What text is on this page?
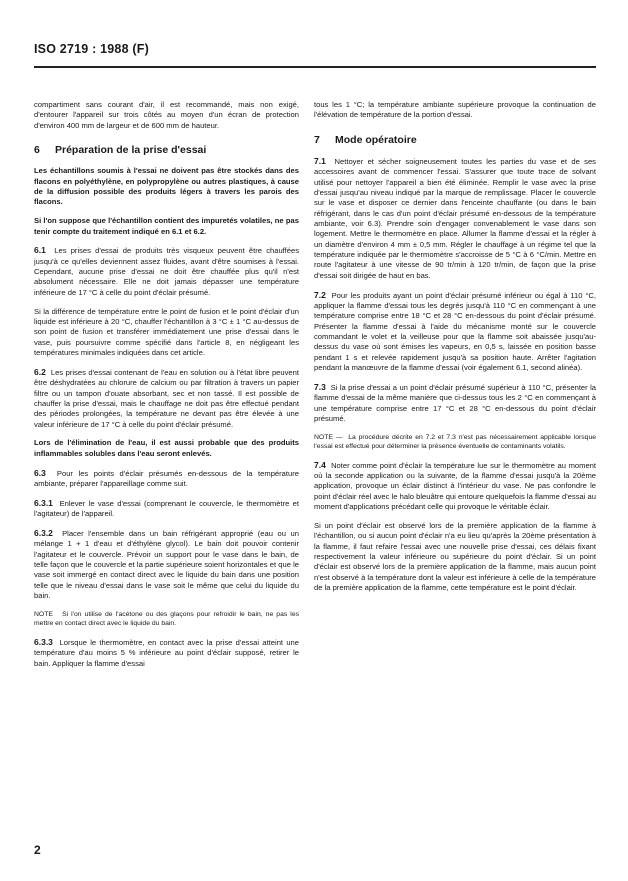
ISO 2719 : 1988 (F)

compartiment sans courant d'air, il est recommandé, mais non exigé, d'entourer l'appareil sur trois côtés au moyen d'un écran de protection d'environ 400 mm de largeur et de 600 mm de hauteur.

6 Préparation de la prise d'essai

Les échantillons soumis à l'essai ne doivent pas être stockés dans des flacons en polyéthylène, en polypropylène ou autres plastiques, à cause de la diffusion possible des produits légers à travers les parois des flacons.

Si l'on suppose que l'échantillon contient des impuretés volatiles, ne pas tenir compte du traitement indiqué en 6.1 et 6.2.

6.1 Les prises d'essai de produits très visqueux peuvent être chauffées jusqu'à ce qu'elles deviennent assez fluides, avant d'être soumises à l'essai. Cependant, aucune prise d'essai ne doit être chauffée plus qu'il n'est absolument nécessaire. Elle ne doit jamais dépasser une température inférieure de 17 °C à celle du point d'éclair présumé.

Si la différence de température entre le point de fusion et le point d'éclair d'un liquide est inférieure à 20 °C, chauffer l'échantillon à 3 °C ± 1 °C au-dessus de son point de fusion et transférer immédiatement une prise d'essai dans le vase, puis poursuivre comme spécifié dans l'article 8, en négligeant les températures minimales indiquées dans cet article.

6.2 Les prises d'essai contenant de l'eau en solution ou à l'état libre peuvent être déshydratées au chlorure de calcium ou par filtration à travers un papier filtre ou un tampon d'ouate absorbant, sec et non tassé. Il est possible de chauffer la prise d'essai, mais le chauffage ne doit pas être effectué pendant des périodes prolongées, la température ne devant pas être élevée à une valeur inférieure de 17 °C à celle du point d'éclair présumé.

Lors de l'élimination de l'eau, il est aussi probable que des produits inflammables solubles dans l'eau seront enlevés.

6.3 Pour les points d'éclair présumés en-dessous de la température ambiante, préparer l'appareillage comme suit.

6.3.1 Enlever le vase d'essai (comprenant le couvercle, le thermomètre et l'agitateur) de l'appareil.

6.3.2 Placer l'ensemble dans un bain réfrigérant approprié (eau ou un mélange 1 + 1 d'eau et d'éthylène glycol). Le bain doit pouvoir contenir l'agitateur et le couvercle. Prévoir un support pour le vase dans le bain, de telle façon que le couvercle et la partie supérieure soient horizontales et que le vase soit immergé en contact direct avec le liquide du bain dans une position telle que le niveau d'essai dans le vase soit le même que celui du liquide du bain.

NOTE Si l'on utilise de l'acétone ou des glaçons pour refroidir le bain, ne pas les mettre en contact direct avec le liquide du bain.

6.3.3 Lorsque le thermomètre, en contact avec la prise d'essai atteint une température d'au moins 5 % inférieure au point d'éclair supposé, retirer le bain. Appliquer la flamme d'essai

tous les 1 °C; la température ambiante supérieure provoque la continuation de l'élévation de température de la portion d'essai.

7 Mode opératoire

7.1 Nettoyer et sécher soigneusement toutes les parties du vase et de ses accessoires avant de commencer l'essai. S'assurer que toute trace de solvant utilisé pour nettoyer l'appareil a bien été éliminée. Remplir le vase avec la prise d'essai jusqu'au niveau indiqué par la marque de remplissage. Placer le couvercle sur le vase et disposer ce dernier dans l'enceinte chauffante (ou dans le bain réfrigérant, dans le cas d'un point d'éclair présumé en-dessous de la température ambiante, voir 6.3). Prendre soin d'engager convenablement le vase dans son logement. Mettre le thermomètre en place. Allumer la flamme d'essai et la régler à un diamètre d'environ 4 mm ± 0,5 mm. Régler le chauffage à un régime tel que la température indiquée par le thermomètre s'accroisse de 5 °C à 6 °C/min. Mettre en route l'agitateur à une vitesse de 90 tr/min à 120 tr/min, de façon que la prise d'essai soit dirigée de haut en bas.

7.2 Pour les produits ayant un point d'éclair présumé inférieur ou égal à 110 °C, appliquer la flamme d'essai tous les degrés jusqu'à 110 °C en commençant à une température comprise entre 18 °C et 28 °C en-dessous du point d'éclair présumé. Présenter la flamme d'essai à l'aide du mécanisme monté sur le couvercle commandant le volet et la veilleuse pour que la flamme soit abaissée jusqu'au-dessus du vase où sont émises les vapeurs, en 0,5 s, laissée en position basse pendant 1 s et relevée rapidement jusqu'à sa position haute. Arrêter l'agitation pendant la manœuvre de la flamme d'essai (voir également 6.1, second alinéa).

7.3 Si la prise d'essai a un point d'éclair présumé supérieur à 110 °C, présenter la flamme d'essai de la même manière que ci-dessus tous les 2 °C en commençant à une température comprise entre 17 °C et 28 °C en-dessous du point d'éclair présumé.

NOTE — La procédure décrite en 7.2 et 7.3 n'est pas nécessairement applicable lorsque l'essai est effectué pour déterminer la présence éventuelle de contaminants volatils.

7.4 Noter comme point d'éclair la température lue sur le thermomètre au moment où la seconde application ou la suivante, de la flamme d'essai jusqu'à la 20ème application, provoque un éclair distinct à l'intérieur du vase. Ne pas confondre le point d'éclair réel avec le halo bleuâtre qui entoure quelquefois la flamme d'essai au moment d'applications précédant celle qui provoque le véritable éclair.

Si un point d'éclair est observé lors de la première application de la flamme à l'échantillon, ou si aucun point d'éclair n'a eu lieu qu'après la 20ème présentation à la flamme, il faut refaire l'essai avec une nouvelle prise d'essai, ces délais fixant respectivement la valeur inférieure ou supérieure du point d'éclair. Si un point d'éclair est observé lors de la première application de la flamme, mais aucun point n'est observé à la température dont la valeur est inférieure à celle de la température de la première application de la flamme, cette température est le point d'éclair.

2
